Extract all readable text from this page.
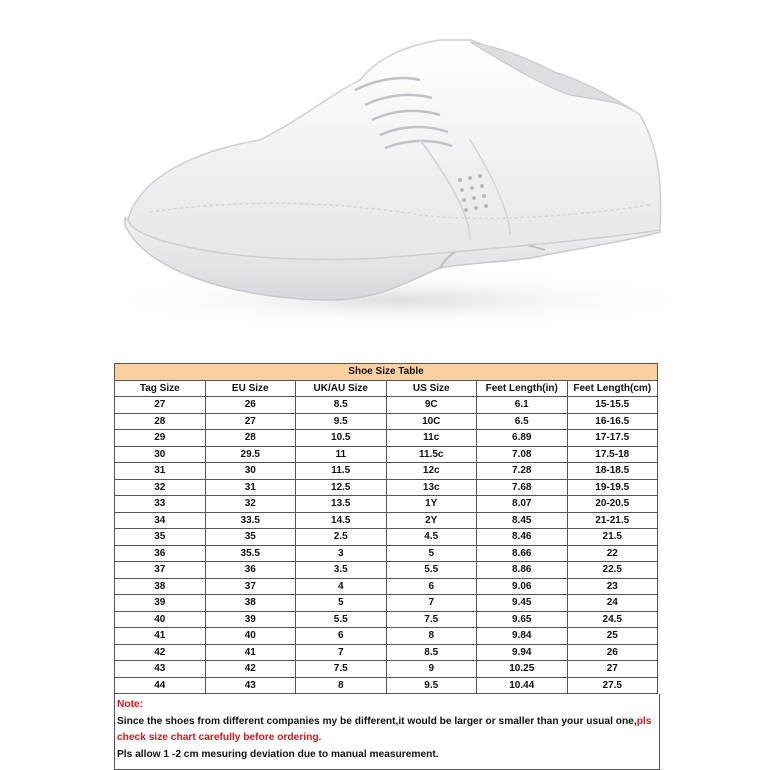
Shoe Size Table					
Tag Size	EU Size	UK/AU Size	US Size	Feet Length(in)	Feet Length(cm)
27	26	8.5	9C	6.1	15-15.5
28	27	9.5	10C	6.5	16-16.5
29	28	10.5	11c	6.89	17-17.5
30	29.5	11	11.5c	7.08	17.5-18
31	30	11.5	12c	7.28	18-18.5
32	31	12.5	13c	7.68	19-19.5
33	32	13.5	1Y	8.07	20-20.5
34	33.5	14.5	2Y	8.45	21-21.5
35	35	2.5	4.5	8.46	21.5
36	35.5	3	5	8.66	22
37	36	3.5	5.5	8.86	22.5
38	37	4	6	9.06	23
39	38	5	7	9.45	24
40	39	5.5	7.5	9.65	24.5
41	40	6	8	9.84	25
42	41	7	8.5	9.94	26
43	42	7.5	9	10.25	27
44	43	8	9.5	10.44	27.5
Note:
Since the shoes from different companies my be different,it would be larger or smaller than your usual one,pls check size chart carefully before ordering.
Pls allow 1 -2 cm mesuring deviation due to manual measurement.
